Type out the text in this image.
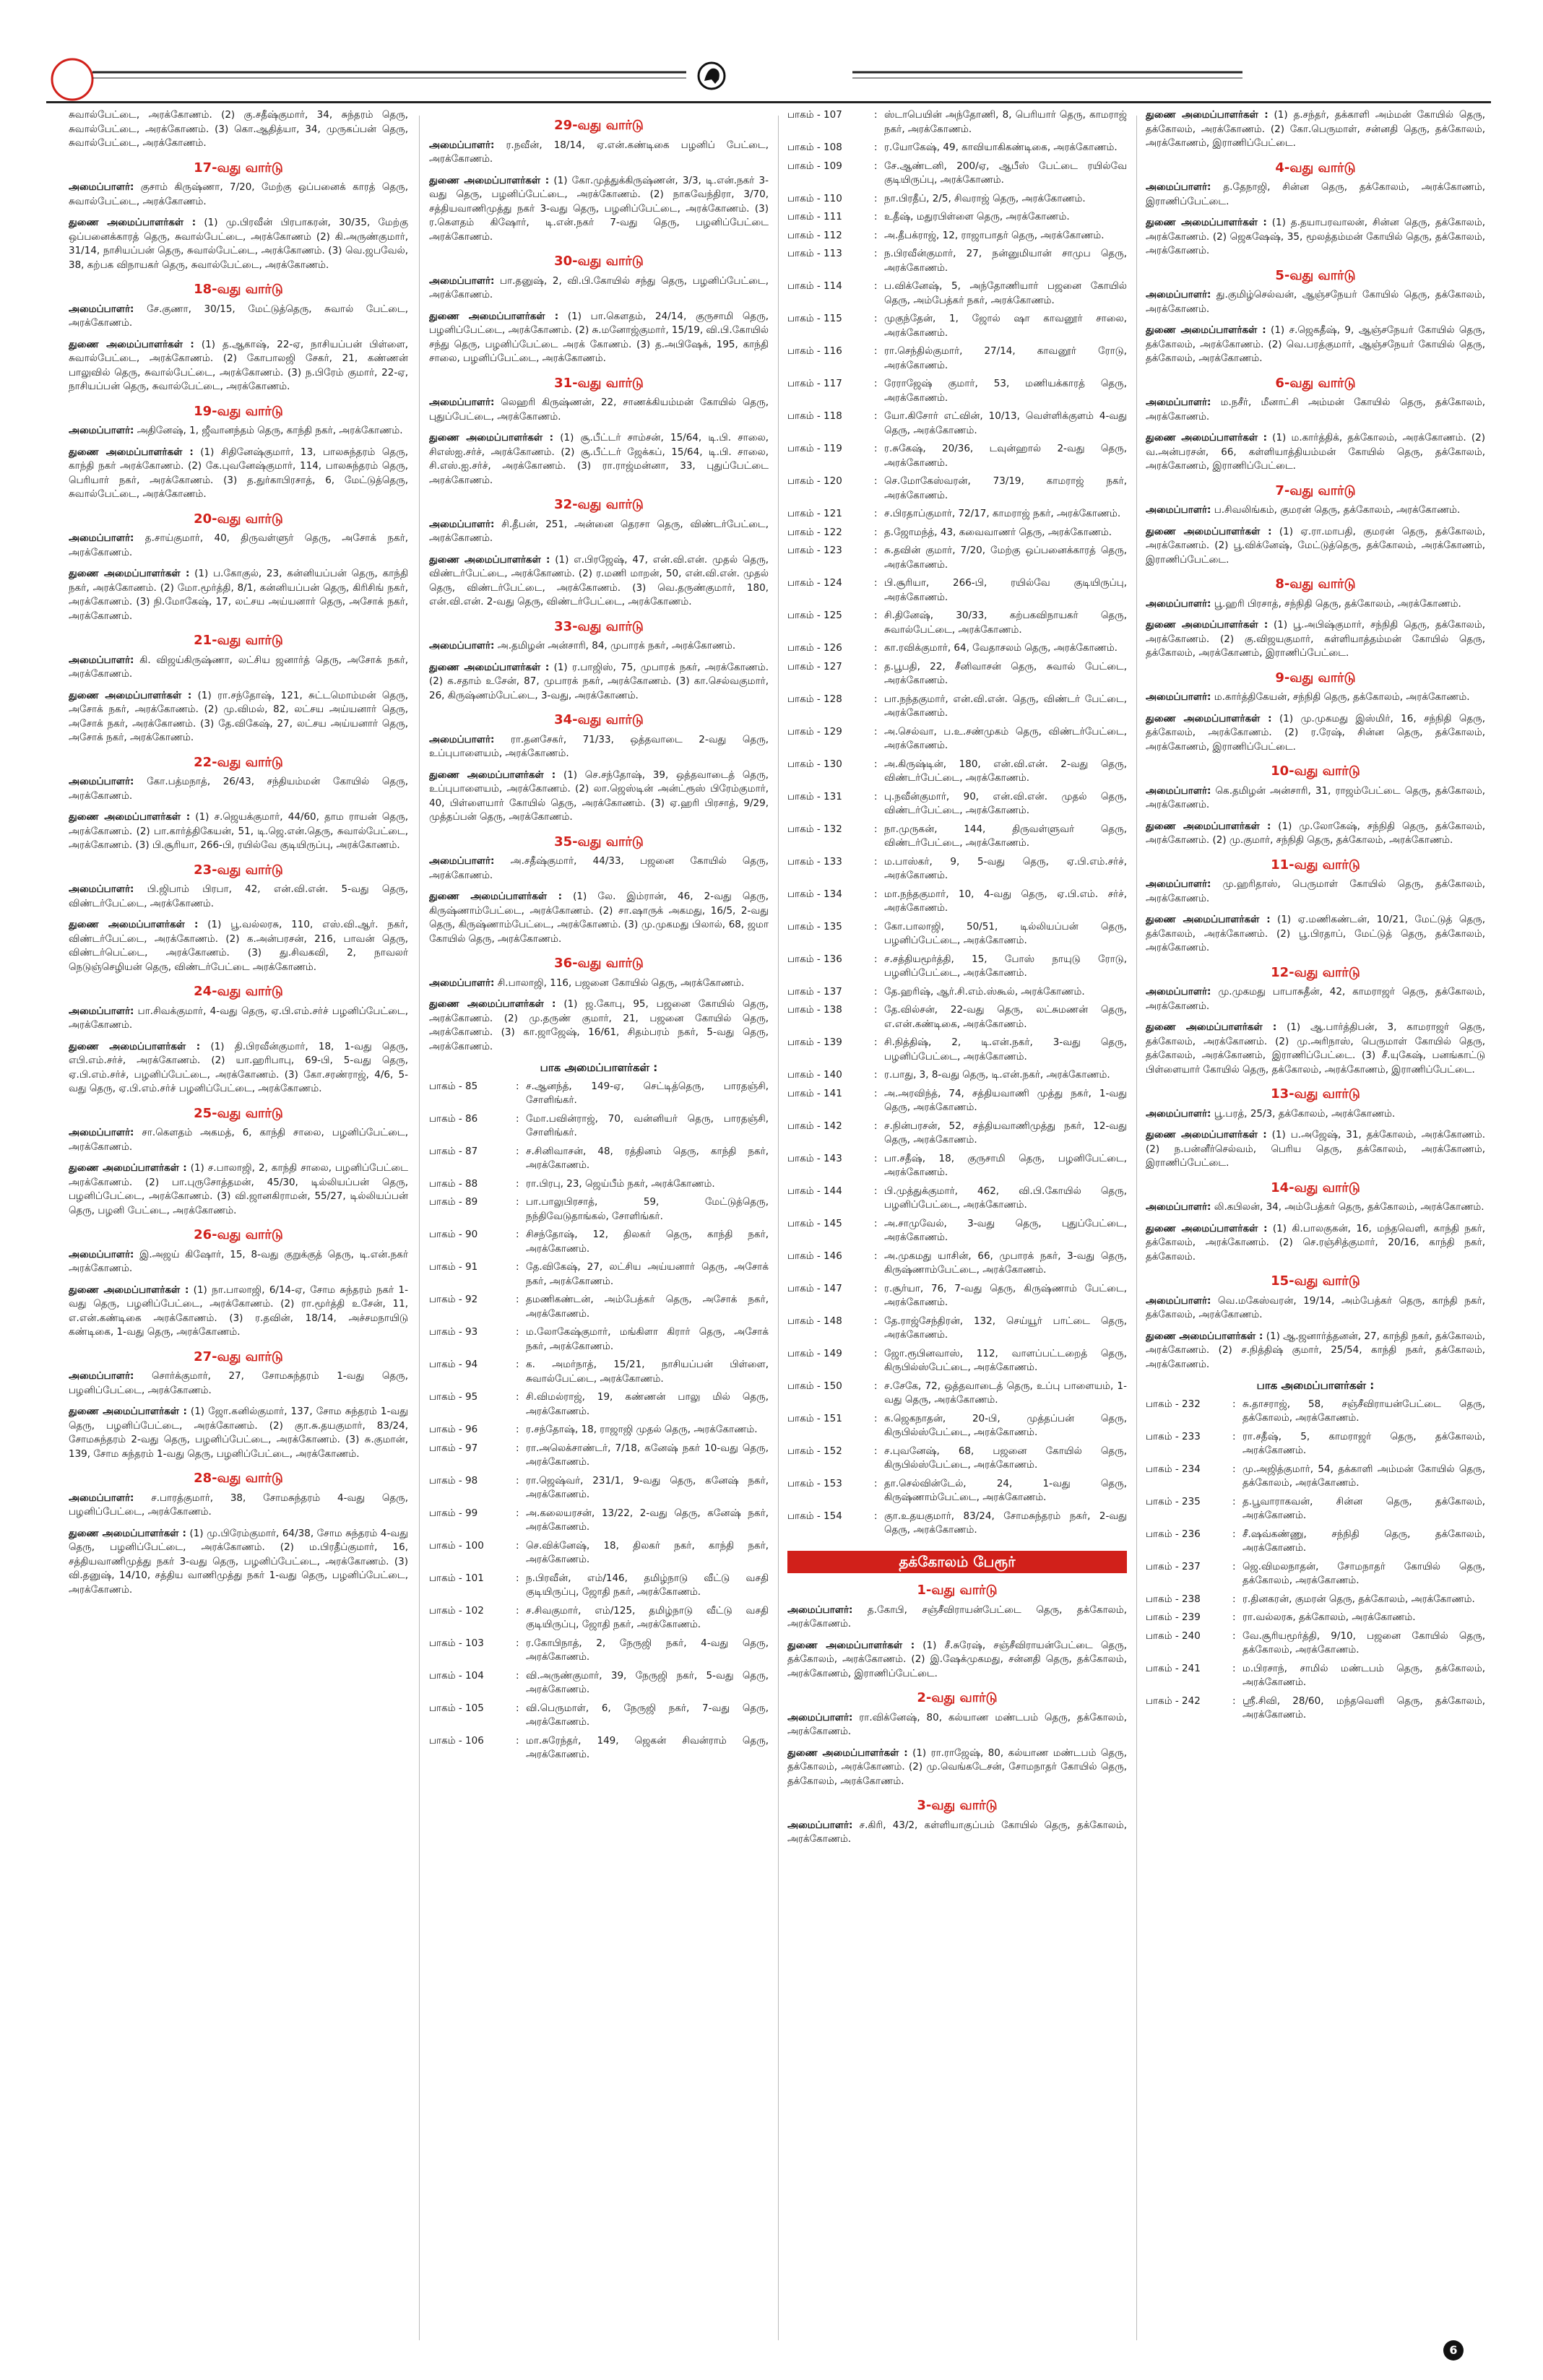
சுவால்பேட்டை, அரக்கோணம். (2) கு.சதீஷ்குமார், 34, சுந்தரம் தெரு, சுவால்பேட்டை, அரக்கோணம். (3) கொ.ஆதித்யா, 34, முருகப்பன் தெரு, சுவால்பேட்டை, அரக்கோணம்.

17-வது வார்டு

அமைப்பாளர்: குசாம் கிருஷ்ணா, 7/20, மேற்கு ஒப்பனைக் காரத் தெரு, சுவால்பேட்டை, அரக்கோணம்.

துணை அமைப்பாளர்கள் : (1) மு.பிரவீன் பிரபாகரன், 30/35, மேற்கு ஒப்பனைக்காரத் தெரு, சுவால்பேட்டை, அரக்கோணம் (2) கி.அருண்குமார், 31/14, நாசியப்பன் தெரு, சுவால்பேட்டை, அரக்கோணம். (3) வெ.ஜபவேல், 38, கற்பக விநாயகர் தெரு, சுவால்பேட்டை, அரக்கோணம்.

18-வது வார்டு

அமைப்பாளர்: சே.குணா, 30/15, மேட்டுத்தெரு, சுவால் பேட்டை, அரக்கோணம்.

துணை அமைப்பாளர்கள் : (1) த.ஆகாஷ், 22-ஏ, நாசியப்பன் பிள்ளை, சுவால்பேட்டை, அரக்கோணம். (2) கோபாலஜி சேகர், 21, கண்ணன் பாலுவில் தெரு, சுவால்பேட்டை, அரக்கோணம். (3) ந.பிரேம் குமார், 22-ஏ, நாசியப்பன் தெரு, சுவால்பேட்டை, அரக்கோணம்.

19-வது வார்டு

அமைப்பாளர்: அதினேஷ், 1, ஜீவானந்தம் தெரு, காந்தி நகர், அரக்கோணம்.

துணை அமைப்பாளர்கள் : (1) சிதினேஷ்குமார், 13, பாலசுந்தரம் தெரு, காந்தி நகர் அரக்கோணம். (2) கே.புவனேஷ்குமார், 114, பாலசுந்தரம் தெரு, பெரியார் நகர், அரக்கோணம். (3) த.துர்காபிரசாத், 6, மேட்டுத்தெரு, சுவால்பேட்டை, அரக்கோணம்.

20-வது வார்டு

அமைப்பாளர்: த.சாய்குமார், 40, திருவள்ளுர் தெரு, அசோக் நகர், அரக்கோணம்.

துணை அமைப்பாளர்கள் : (1) ப.கோகுல், 23, கன்னியப்பன் தெரு, காந்தி நகர், அரக்கோணம். (2) மோ.மூர்த்தி, 8/1, கன்னியப்பன் தெரு, கிரிசிங் நகர், அரக்கோணம். (3) நி.மோகேஷ், 17, லட்சய அய்யனார் தெரு, அசோக் நகர், அரக்கோணம்.

21-வது வார்டு

அமைப்பாளர்: கி. விஜய்கிருஷ்ணா, லட்சிய ஜனார்த் தெரு, அசோக் நகர், அரக்கோணம்.

துணை அமைப்பாளர்கள் : (1) ரா.சந்தோஷ், 121, சுட்டமொம்மன் தெரு, அசோக் நகர், அரக்கோணம். (2) மு.விமல், 82, லட்சய அய்யனார் தெரு, அசோக் நகர், அரக்கோணம். (3) தே.விகேஷ், 27, லட்சய அய்யனார் தெரு, அசோக் நகர், அரக்கோணம்.

22-வது வார்டு

அமைப்பாளர்: கோ.பத்மநாத், 26/43, சந்தியம்மன் கோயில் தெரு, அரக்கோணம்.

துணை அமைப்பாளர்கள் : (1) ச.ஜெயக்குமார், 44/60, தாம ராயன் தெரு, அரக்கோணம். (2) பா.கார்த்திகேயன், 51, டி.ஜெ.என்.தெரு, சுவால்பேட்டை, அரக்கோணம். (3) பி.சூரியா, 266-பி, ரயில்வே குடியிருப்பு, அரக்கோணம்.

23-வது வார்டு

அமைப்பாளர்: பி.ஜிபாம் பிரபா, 42, என்.வி.என். 5-வது தெரு, விண்டர்பேட்டை, அரக்கோணம்.

துணை அமைப்பாளர்கள் : (1) பூ.வல்லரசு, 110, எஸ்.வி.ஆர். நகர், விண்டர்பேட்டை, அரக்கோணம். (2) க.அன்பரசன், 216, பாவன் தெரு, விண்டர்பெட்டை, அரக்கோணம். (3) து.சிவகவி, 2, நாவலர் நெடுஞ்செழியன் தெரு, விண்டர்பேட்டை அரக்கோணம்.

24-வது வார்டு

அமைப்பாளர்: பா.சிவக்குமார், 4-வது தெரு, ஏ.பி.எம்.சர்ச் பழனிப்பேட்டை, அரக்கோணம்.

துணை அமைப்பாளர்கள் : (1) தி.பிரவீன்குமார், 18, 1-வது தெரு, எபி.எம்.சர்ச், அரக்கோணம். (2) யா.ஹரிபாபு, 69-பி, 5-வது தெரு, ஏ.பி.எம்.சர்ச், பழனிப்பேட்டை, அரக்கோணம். (3) கோ.சரண்ராஜ், 4/6, 5-வது தெரு, ஏ.பி.எம்.சர்ச் பழனிப்பேட்டை, அரக்கோணம்.

25-வது வார்டு

அமைப்பாளர்: சா.கௌதம் அகமத், 6, காந்தி சாலை, பழனிப்பேட்டை, அரக்கோணம்.

துணை அமைப்பாளர்கள் : (1) ச.பாலாஜி, 2, காந்தி சாலை, பழனிப்பேட்டை அரக்கோணம். (2) பா.புருசோத்தமன், 45/30, டில்லியப்பன் தெரு, பழனிப்பேட்டை, அரக்கோணம். (3) வி.ஜானகிராமன், 55/27, டில்லியப்பன் தெரு, பழனி பேட்டை, அரக்கோணம்.

26-வது வார்டு

அமைப்பாளர்: இ.அஜய் கிஷோர், 15, 8-வது குறுக்குத் தெரு, டி.என்.நகர் அரக்கோணம்.

துணை அமைப்பாளர்கள் : (1) நா.பாலாஜி, 6/14-ஏ, சோம சுந்தரம் நகர் 1-வது தெரு, பழனிப்பேட்டை, அரக்கோணம். (2) ரா.மூர்த்தி உசேன், 11, எ.என்.கண்டிகை அரக்கோணம். (3) ர.தவின், 18/14, அச்சமநாயிடு கண்டிகை, 1-வது தெரு, அரக்கோணம்.

27-வது வார்டு

அமைப்பாளர்: சொர்க்குமார், 27, சோமசுந்தரம் 1-வது தெரு, பழனிப்பேட்டை, அரக்கோணம்.

துணை அமைப்பாளர்கள் : (1) ஜோ.கனில்குமார், 137, சோம சுந்தரம் 1-வது தெரு, பழனிப்பேட்டை, அரக்கோணம். (2) குா.சு.தயகுமார், 83/24, சோமசுந்தரம் 2-வது தெரு, பழனிப்பேட்டை, அரக்கோணம். (3) சு.குமான், 139, சோம சுந்தரம் 1-வது தெரு, பழனிப்பேட்டை, அரக்கோணம்.

28-வது வார்டு

அமைப்பாளர்: ச.பாரத்குமார், 38, சோமசுந்தரம் 4-வது தெரு, பழனிப்பேட்டை, அரக்கோணம்.

துணை அமைப்பாளர்கள் : (1) மு.பிரேம்குமார், 64/38, சோம சுந்தரம் 4-வது தெரு, பழனிப்பேட்டை, அரக்கோணம். (2) ம.பிரதீப்குமார், 16, சத்தியவாணிமுத்து நகர் 3-வது தெரு, பழனிப்பேட்டை, அரக்கோணம். (3) வி.தனுஷ், 14/10, சத்திய வாணிமுத்து நகர் 1-வது தெரு, பழனிப்பேட்டை, அரக்கோணம்.

29-வது வார்டு

அமைப்பாளர்: ர.நவீன், 18/14, ஏ.என்.கண்டிகை பழனிப் பேட்டை, அரக்கோணம்.

துணை அமைப்பாளர்கள் : (1) கோ.முத்துக்கிருஷ்ணன், 3/3, டி.என்.நகர் 3-வது தெரு, பழனிப்பேட்டை, அரக்கோணம். (2) நாகவேந்திரா, 3/70, சத்தியவாணிமுத்து நகர் 3-வது தெரு, பழனிப்பேட்டை, அரக்கோணம். (3) ர.கௌதம் கிஷோர், டி.என்.நகர் 7-வது தெரு, பழனிப்பேட்டை அரக்கோணம்.

30-வது வார்டு

அமைப்பாளர்: பா.தனுஷ், 2, வி.பி.கோயில் சந்து தெரு, பழனிப்பேட்டை, அரக்கோணம்.

துணை அமைப்பாளர்கள் : (1) பா.கௌதம், 24/14, குருசாமி தெரு, பழனிப்பேட்டை, அரக்கோணம். (2) சு.மனோஜ்குமார், 15/19, வி.பி.கோயில் சந்து தெரு, பழனிப்பேட்டை அரக் கோணம். (3) த.அபிஷேக், 195, காந்தி சாலை, பழனிப்பேட்டை, அரக்கோணம்.

31-வது வார்டு

அமைப்பாளர்: லெஹரி கிருஷ்ணன், 22, சாணக்கியம்மன் கோயில் தெரு, புதுப்பேட்டை, அரக்கோணம்.

துணை அமைப்பாளர்கள் : (1) சூ.பீட்டர் சாம்சன், 15/64, டி.பி. சாலை, சிஎஸ்ஐ.சர்ச், அரக்கோணம். (2) சூ.பீட்டர் ஜேக்கப், 15/64, டி.பி. சாலை, சி.எஸ்.ஐ.சர்ச், அரக்கோணம். (3) ரா.ராஜ்மன்னா, 33, புதுப்பேட்டை அரக்கோணம்.

32-வது வார்டு

அமைப்பாளர்: சி.தீபன், 251, அன்னை தெரசா தெரு, விண்டர்பேட்டை, அரக்கோணம்.

துணை அமைப்பாளர்கள் : (1) எ.பிரஜேஷ், 47, என்.வி.என். முதல் தெரு, விண்டர்பேட்டை, அரக்கோணம். (2) ர.மணி மாறன், 50, என்.வி.என். முதல் தெரு, விண்டர்பேட்டை, அரக்கோணம். (3) வெ.தருண்குமார், 180, என்.வி.என். 2-வது தெரு, விண்டர்பேட்டை, அரக்கோணம்.

33-வது வார்டு

அமைப்பாளர்: அ.தமிழன் அன்சாரி, 84, முபாரக் நகர், அரக்கோணம்.

துணை அமைப்பாளர்கள் : (1) ர.பாஜிஸ், 75, முபாரக் நகர், அரக்கோணம். (2) க.சதாம் உசேன், 87, முபாரக் நகர், அரக்கோணம். (3) கா.செல்வகுமார், 26, கிருஷ்ணம்பேட்டை, 3-வது, அரக்கோணம்.

34-வது வார்டு

அமைப்பாளர்: ரா.தனசேகர், 71/33, ஒத்தவாடை 2-வது தெரு, உப்புபாளையம், அரக்கோணம்.

துணை அமைப்பாளர்கள் : (1) செ.சந்தோஷ், 39, ஒத்தவாடைத் தெரு, உப்புபாளையம், அரக்கோணம். (2) லா.ஜெஸ்டின் அன்ட்ரூஸ் பிரேம்குமார், 40, பிள்ளையார் கோயில் தெரு, அரக்கோணம். (3) ஏ.ஹரி பிரசாத், 9/29, முத்தப்பன் தெரு, அரக்கோணம்.

35-வது வார்டு

அமைப்பாளர்: அ.சதீஷ்குமார், 44/33, பஜனை கோயில் தெரு, அரக்கோணம்.

துணை அமைப்பாளர்கள் : (1) லே. இம்ரான், 46, 2-வது தெரு, கிருஷ்ணாம்பேட்டை, அரக்கோணம். (2) சா.ஷாருக் அகமது, 16/5, 2-வது தெரு, கிருஷ்ணாம்பேட்டை, அரக்கோணம். (3) மு.முகமது பிலால், 68, ஜமா கோயில் தெரு, அரக்கோணம்.

36-வது வார்டு

அமைப்பாளர்: சி.பாலாஜி, 116, பஜனை கோயில் தெரு, அரக்கோணம்.

துணை அமைப்பாளர்கள் : (1) ஜ.கோபு, 95, பஜனை கோயில் தெரு, அரக்கோணம். (2) மு.தருண் குமார், 21, பஜனை கோயில் தெரு, அரக்கோணம். (3) கா.ஜாஜேஷ், 16/61, சிதம்பரம் நகர், 5-வது தெரு, அரக்கோணம்.

பாக அமைப்பாளர்கள் :
பாகம் - 85	: ச.ஆனந்த், 149-ஏ, செட்டித்தெரு, பாரதஞ்சி, சோளிங்கர்.
பாகம் - 86	: மோ.பவின்ராஜ், 70, வன்னியர் தெரு, பாரதஞ்சி, சோளிங்கர்.
பாகம் - 87	: ச.சினிவாசன், 48, ரத்தினம் தெரு, காந்தி நகர், அரக்கோணம்.
பாகம் - 88	: ரா.பிரபு, 23, ஜெய்பீம் நகர், அரக்கோணம்.
பாகம் - 89	: பா.பாலுபிரசாத், 59, மேட்டுத்தெரு, நந்திவேடுதாங்கல், சோளிங்கர்.
பாகம் - 90	: சிசந்தோஷ், 12, திலகர் தெரு, காந்தி நகர், அரக்கோணம்.
பாகம் - 91	: தே.விகேஷ், 27, லட்சிய அய்யனார் தெரு, அசோக் நகர், அரக்கோணம்.
பாகம் - 92	: தமணிகண்டன், அம்பேத்கர் தெரு, அசோக் நகர், அரக்கோணம்.
பாகம் - 93	: ம.லோகேஷ்குமார், மங்கிளா கிரார் தெரு, அசோக் நகர், அரக்கோணம்.
பாகம் - 94	: க. அமர்நாத், 15/21, நாசியப்பன் பிள்ளை, சுவால்பேட்டை, அரக்கோணம்.
பாகம் - 95	: சி.விமல்ராஜ், 19, கண்ணன் பாலு மில் தெரு, அரக்கோணம்.
பாகம் - 96	: ர.சந்தோஷ், 18, ராஜாஜி முதல் தெரு, அரக்கோணம்.
பாகம் - 97	: ரா.அலெக்சாண்டர், 7/18, கனேஷ் நகர் 10-வது தெரு, அரக்கோணம்.
பாகம் - 98	: ரா.ஜெஷ்வர், 231/1, 9-வது தெரு, கனேஷ் நகர், அரக்கோணம்.
பாகம் - 99	: அ.கலையரசன், 13/22, 2-வது தெரு, கனேஷ் நகர், அரக்கோணம்.
பாகம் - 100	: செ.விக்னேஷ், 18, திலகர் நகர், காந்தி நகர், அரக்கோணம்.
பாகம் - 101	: ந.பிரவீன், எம்/146, தமிழ்நாடு வீட்டு வசதி குடியிருப்பு, ஜோதி நகர், அரக்கோணம்.
பாகம் - 102	: ச.சிவகுமார், எம்/125, தமிழ்நாடு வீட்டு வசதி குடியிருப்பு, ஜோதி நகர், அரக்கோணம்.
பாகம் - 103	: ர.கோபிநாத், 2, நேருஜி நகர், 4-வது தெரு, அரக்கோணம்.
பாகம் - 104	: வி.அருண்குமார், 39, நேருஜி நகர், 5-வது தெரு, அரக்கோணம்.
பாகம் - 105	: வி.பெருமாள், 6, நேருஜி நகர், 7-வது தெரு, அரக்கோணம்.
பாகம் - 106	: மா.சுரேந்தர், 149, ஜெகன் சிவன்ராம் தெரு, அரக்கோணம்.
பாகம் - 107	: ஸ்டாபெயின் அந்தோணி, 8, பெரியார் தெரு, காமராஜ் நகர், அரக்கோணம்.
பாகம் - 108	: ர.யோகேஷ், 49, காவியாகிகண்டிகை, அரக்கோணம்.
பாகம் - 109	: சே.ஆண்டனி, 200/ஏ, ஆபீஸ் பேட்டை ரயில்வே குடியிருப்பு, அரக்கோணம்.
பாகம் - 110	: நா.பிரதீப், 2/5, சிவராஜ் தெரு, அரக்கோணம்.
பாகம் - 111	: உதீஷ், மதுரபிள்ளை தெரு, அரக்கோணம்.
பாகம் - 112	: அ.தீபக்ராஜ், 12, ராஜாபாதர் தெரு, அரக்கோணம்.
பாகம் - 113	: ந.பிரவீன்குமார், 27, நன்னுமியான் சாமுப தெரு, அரக்கோணம்.
பாகம் - 114	: ப.விக்னேஷ், 5, அந்தோணியார் பஜனை கோயில் தெரு, அம்பேத்கர் நகர், அரக்கோணம்.
பாகம் - 115	: முகுந்தேன், 1, ஜோல் ஷா காவனூர் சாலை, அரக்கோணம்.
பாகம் - 116	: ரா.செந்தில்குமார், 27/14, காவனூர் ரோடு, அரக்கோணம்.
பாகம் - 117	: ரேராஜேஷ் குமார், 53, மணியக்காரத் தெரு, அரக்கோணம்.
பாகம் - 118	: யோ.கிசோர் எட்வின், 10/13, வெள்ளிக்குளம் 4-வது தெரு, அரக்கோணம்.
பாகம் - 119	: ர.சுகேஷ், 20/36, டவுன்ஹால் 2-வது தெரு, அரக்கோணம்.
பாகம் - 120	: செ.மோகேஸ்வரன், 73/19, காமராஜ் நகர், அரக்கோணம்.
பாகம் - 121	: ச.பிரதாப்குமார், 72/17, காமராஜ் நகர், அரக்கோணம்.
பாகம் - 122	: த.ஜோமந்த், 43, கவைவாணர் தெரு, அரக்கோணம்.
பாகம் - 123	: சு.தவின் குமார், 7/20, மேற்கு ஒப்பனைக்காரத் தெரு, அரக்கோணம்.
பாகம் - 124	: பி.சூரியா, 266-பி, ரயில்வே குடியிருப்பு, அரக்கோணம்.
பாகம் - 125	: சி.தினேஷ், 30/33, கற்பகவிநாயகர் தெரு, சுவால்பேட்டை, அரக்கோணம்.
பாகம் - 126	: கா.ரவிக்குமார், 64, வேதாசலம் தெரு, அரக்கோணம்.
பாகம் - 127	: த.பூபதி, 22, சீனிவாசன் தெரு, சுவால் பேட்டை, அரக்கோணம்.
பாகம் - 128	: பா.நந்தகுமார், என்.வி.என். தெரு, விண்டர் பேட்டை, அரக்கோணம்.
பாகம் - 129	: அ.செல்வா, ப.உ.சண்முகம் தெரு, விண்டர்பேட்டை, அரக்கோணம்.
பாகம் - 130	: அ.கிருஷ்டின், 180, என்.வி.என். 2-வது தெரு, விண்டர்பேட்டை, அரக்கோணம்.
பாகம் - 131	: பு.நவீன்குமார், 90, என்.வி.என். முதல் தெரு, விண்டர்பேட்டை, அரக்கோணம்.
பாகம் - 132	: நா.முருகன், 144, திருவள்ளுவர் தெரு, விண்டர்பேட்டை, அரக்கோணம்.
பாகம் - 133	: ம.பாஸ்கர், 9, 5-வது தெரு, ஏ.பி.எம்.சர்ச், அரக்கோணம்.
பாகம் - 134	: மா.நந்தகுமார், 10, 4-வது தெரு, ஏ.பி.எம். சர்ச், அரக்கோணம்.
பாகம் - 135	: கோ.பாலாஜி, 50/51, டில்லியப்பன் தெரு, பழனிப்பேட்டை, அரக்கோணம்.
பாகம் - 136	: ச.சத்தியமூர்த்தி, 15, போஸ் நாயுடு ரோடு, பழனிப்பேட்டை, அரக்கோணம்.
பாகம் - 137	: தே.ஹரிஷ், ஆர்.சி.எம்.ஸ்கூல், அரக்கோணம்.
பாகம் - 138	: தே.வில்சன், 22-வது தெரு, லட்சுமணன் தெரு, எ.என்.கண்டிகை, அரக்கோணம்.
பாகம் - 139	: சி.நித்திஷ், 2, டி.என்.நகர், 3-வது தெரு, பழனிப்பேட்டை, அரக்கோணம்.
பாகம் - 140	: ர.பாது, 3, 8-வது தெரு, டி.என்.நகர், அரக்கோணம்.
பாகம் - 141	: அ.அரவிந்த், 74, சத்தியவாணி முத்து நகர், 1-வது தெரு, அரக்கோணம்.
பாகம் - 142	: ச.நின்பரசன், 52, சத்தியவாணிமுத்து நகர், 12-வது தெரு, அரக்கோணம்.
பாகம் - 143	: பா.சதீஷ், 18, குருசாமி தெரு, பழனிபேட்டை, அரக்கோணம்.
பாகம் - 144	: பி.முத்துக்குமார், 462, வி.பி.கோயில் தெரு, பழனிப்பேட்டை, அரக்கோணம்.
பாகம் - 145	: அ.சாமுவேல், 3-வது தெரு, புதுப்பேட்டை, அரக்கோணம்.
பாகம் - 146	: அ.முகமது யாசின், 66, முபாரக் நகர், 3-வது தெரு, கிருஷ்ணாம்பேட்டை, அரக்கோணம்.
பாகம் - 147	: ர.சூர்யா, 76, 7-வது தெரு, கிருஷ்ணாம் பேட்டை, அரக்கோணம்.
பாகம் - 148	: தே.ராஜ்சேந்திரன், 132, செய்யூர் பாட்டை தெரு, அரக்கோணம்.
பாகம் - 149	: ஜோ.ரூபினவாஸ், 112, வாளப்பட்டறைத் தெரு, கிருபில்ஸ்பேட்டை, அரக்கோணம்.
பாகம் - 150	: ச.சேகே, 72, ஒத்தவாடைத் தெரு, உப்பு பாளையம், 1-வது தெரு, அரக்கோணம்.
பாகம் - 151	: க.ஜெகநாதன், 20-பி, முத்தப்பன் தெரு, கிருபில்ஸ்பேட்டை, அரக்கோணம்.
பாகம் - 152	: ச.புவனேஷ், 68, பஜனை கோயில் தெரு, கிருபில்ஸ்பேட்டை, அரக்கோணம்.
பாகம் - 153	: தா.செல்வின்டேல், 24, 1-வது தெரு, கிருஷ்ணாம்பேட்டை, அரக்கோணம்.
பாகம் - 154	: குா.உதயகுமார், 83/24, சோமசுந்தரம் நகர், 2-வது தெரு, அரக்கோணம்.
தக்கோலம் பேரூர்
1-வது வார்டு

அமைப்பாளர்: த.கோபி, சஞ்சீவிராயன்பேட்டை தெரு, தக்கோலம், அரக்கோணம்.

துணை அமைப்பாளர்கள் : (1) சீ.சுரேஷ், சஞ்சீவிராயன்பேட்டை தெரு, தக்கோலம், அரக்கோணம். (2) இ.ஷேக்முகமது, சன்னதி தெரு, தக்கோலம், அரக்கோணம், இராணிப்பேட்டை.

2-வது வார்டு

அமைப்பாளர்: ரா.விக்னேஷ், 80, கல்யாண மண்டபம் தெரு, தக்கோலம், அரக்கோணம்.

துணை அமைப்பாளர்கள் : (1) ரா.ராஜேஷ், 80, கல்யாண மண்டபம் தெரு, தக்கோலம், அரக்கோணம். (2) மு.வெங்கடேசன், சோமநாதர் கோயில் தெரு, தக்கோலம், அரக்கோணம்.

3-வது வார்டு

அமைப்பாளர்: ச.கிரி, 43/2, கள்ளியாகுப்பம் கோயில் தெரு, தக்கோலம், அரக்கோணம்.

துணை அமைப்பாளர்கள் : (1) த.சந்தர், தக்காளி அம்மன் கோயில் தெரு, தக்கோலம், அரக்கோணம். (2) கோ.பெருமாள், சன்னதி தெரு, தக்கோலம், அரக்கோணம், இராணிப்பேட்டை.

4-வது வார்டு

அமைப்பாளர்: த.தேநாஜி, சின்ன தெரு, தக்கோலம், அரக்கோணம், இராணிப்பேட்டை.

துணை அமைப்பாளர்கள் : (1) த.தயாபரவாலன், சின்ன தெரு, தக்கோலம், அரக்கோணம். (2) ஜெகஷேஷ், 35, மூலத்தம்மன் கோயில் தெரு, தக்கோலம், அரக்கோணம்.

5-வது வார்டு

அமைப்பாளர்: து.குமிழ்செல்வன், ஆஞ்சநேயர் கோயில் தெரு, தக்கோலம், அரக்கோணம்.

துணை அமைப்பாளர்கள் : (1) ச.ஜெகதீஷ், 9, ஆஞ்சநேயர் கோயில் தெரு, தக்கோலம், அரக்கோணம். (2) வெ.பரத்குமார், ஆஞ்சநேயர் கோயில் தெரு, தக்கோலம், அரக்கோணம்.

6-வது வார்டு

அமைப்பாளர்: ம.நசீர், மீனாட்சி அம்மன் கோயில் தெரு, தக்கோலம், அரக்கோணம்.

துணை அமைப்பாளர்கள் : (1) ம.கார்த்திக், தக்கோலம், அரக்கோணம். (2) வ.அன்பரசன், 66, கள்ளியாத்தியம்மன் கோயில் தெரு, தக்கோலம், அரக்கோணம், இராணிப்பேட்டை.

7-வது வார்டு

அமைப்பாளர்: ப.சிவலிங்கம், குமரன் தெரு, தக்கோலம், அரக்கோணம்.

துணை அமைப்பாளர்கள் : (1) ஏ.ரா.மாபதி, குமரன் தெரு, தக்கோலம், அரக்கோணம். (2) பூ.விக்னேஷ், மேட்டுத்தெரு, தக்கோலம், அரக்கோணம், இராணிப்பேட்டை.

8-வது வார்டு

அமைப்பாளர்: பூ.ஹரி பிரசாத், சந்நிதி தெரு, தக்கோலம், அரக்கோணம்.

துணை அமைப்பாளர்கள் : (1) பூ.அபிஷ்குமார், சந்நிதி தெரு, தக்கோலம், அரக்கோணம். (2) கு.விஜயகுமார், கள்ளியாத்தம்மன் கோயில் தெரு, தக்கோலம், அரக்கோணம், இராணிப்பேட்டை.

9-வது வார்டு

அமைப்பாளர்: ம.கார்த்திகேயன், சந்நிதி தெரு, தக்கோலம், அரக்கோணம்.

துணை அமைப்பாளர்கள் : (1) மு.முகமது இஸ்மிர், 16, சந்நிதி தெரு, தக்கோலம், அரக்கோணம். (2) ர.ரேஷ், சின்ன தெரு, தக்கோலம், அரக்கோணம், இராணிப்பேட்டை.

10-வது வார்டு

அமைப்பாளர்: கெ.தமிழன் அன்சாரி, 31, ராஜம்பேட்டை தெரு, தக்கோலம், அரக்கோணம்.

துணை அமைப்பாளர்கள் : (1) மு.லோகேஷ், சந்நிதி தெரு, தக்கோலம், அரக்கோணம். (2) மு.குமார், சந்நிதி தெரு, தக்கோலம், அரக்கோணம்.

11-வது வார்டு

அமைப்பாளர்: மு.ஹரிதாஸ், பெருமாள் கோயில் தெரு, தக்கோலம், அரக்கோணம்.

துணை அமைப்பாளர்கள் : (1) ஏ.மணிகண்டன், 10/21, மேட்டுத் தெரு, தக்கோலம், அரக்கோணம். (2) பூ.பிரதாப், மேட்டுத் தெரு, தக்கோலம், அரக்கோணம்.

12-வது வார்டு

அமைப்பாளர்: மு.முகமது பாபாசுதீன், 42, காமராஜர் தெரு, தக்கோலம், அரக்கோணம்.

துணை அமைப்பாளர்கள் : (1) ஆ.பார்த்திபன், 3, காமராஜர் தெரு, தக்கோலம், அரக்கோணம். (2) மு.அரிநாஸ், பெருமாள் கோயில் தெரு, தக்கோலம், அரக்கோணம், இராணிப்பேட்டை. (3) சீ.யுகேஷ், பனங்காட்டு பிள்ளையார் கோயில் தெரு, தக்கோலம், அரக்கோணம், இராணிப்பேட்டை.

13-வது வார்டு

அமைப்பாளர்: பூ.பரத், 25/3, தக்கோலம், அரக்கோணம்.

துணை அமைப்பாளர்கள் : (1) ப.அஜேஷ், 31, தக்கோலம், அரக்கோணம். (2) ந.பன்னீர்செல்வம், பெரிய தெரு, தக்கோலம், அரக்கோணம், இராணிப்பேட்டை.

14-வது வார்டு

அமைப்பாளர்: லி.கபிலன், 34, அம்பேத்கர் தெரு, தக்கோலம், அரக்கோணம்.

துணை அமைப்பாளர்கள் : (1) கி.பாலகுகன், 16, மந்தவெளி, காந்தி நகர், தக்கோலம், அரக்கோணம். (2) செ.ரஞ்சித்குமார், 20/16, காந்தி நகர், தக்கோலம்.

15-வது வார்டு

அமைப்பாளர்: வெ.மகேஸ்வரன், 19/14, அம்பேத்கர் தெரு, காந்தி நகர், தக்கோலம், அரக்கோணம்.

துணை அமைப்பாளர்கள் : (1) ஆ.ஜனார்த்தனன், 27, காந்தி நகர், தக்கோலம், அரக்கோணம். (2) ச.நித்திஷ் குமார், 25/54, காந்தி நகர், தக்கோலம், அரக்கோணம்.

பாக அமைப்பாளர்கள் :
பாகம் - 232	: சு.தாசராஜ், 58, சஞ்சீவிராயன்பேட்டை தெரு, தக்கோலம், அரக்கோணம்.
பாகம் - 233	: ரா.சதீஷ், 5, காமராஜர் தெரு, தக்கோலம், அரக்கோணம்.
பாகம் - 234	: மு.அஜித்குமார், 54, தக்காளி அம்மன் கோயில் தெரு, தக்கோலம், அரக்கோணம்.
பாகம் - 235	: த.பூவாராகவன், சின்ன தெரு, தக்கோலம், அரக்கோணம்.
பாகம் - 236	: சீ.ஷவ்கண்ணு, சந்நிதி தெரு, தக்கோலம், அரக்கோணம்.
பாகம் - 237	: ஜெ.விமலநாதன், சோமநாதர் கோயில் தெரு, தக்கோலம், அரக்கோணம்.
பாகம் - 238	: ர.தினகரன், குமரன் தெரு, தக்கோலம், அரக்கோணம்.
பாகம் - 239	: ரா.வல்லரசு, தக்கோலம், அரக்கோணம்.
பாகம் - 240	: வே.சூரியமூர்த்தி, 9/10, பஜனை கோயில் தெரு, தக்கோலம், அரக்கோணம்.
பாகம் - 241	: ம.பிரசாந், சாமில் மண்டபம் தெரு, தக்கோலம், அரக்கோணம்.
பாகம் - 242	: ஸ்ரீ.சிவி, 28/60, மந்தவெளி தெரு, தக்கோலம், அரக்கோணம்.
6
